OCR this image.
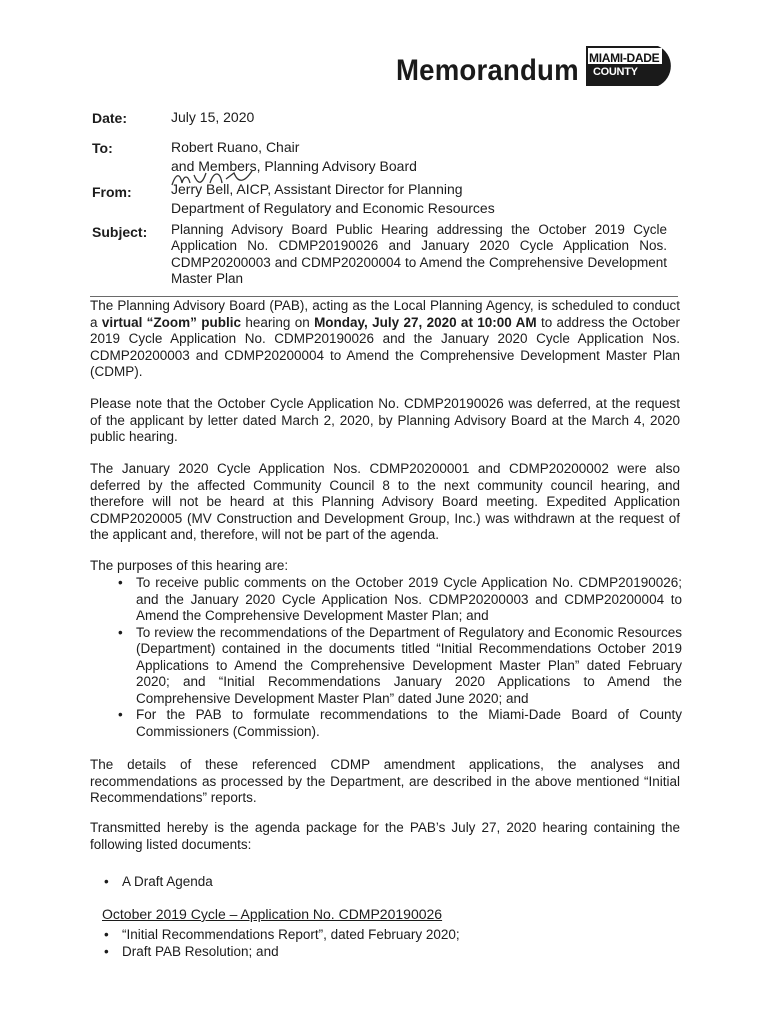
Memorandum MIAMI-DADE
COUNTY
Date:	July 15, 2020
To:	Robert Ruano, Chair
and Members, Planning Advisory Board
From:	Jerry Bell, AICP, Assistant Director for Planning
Department of Regulatory and Economic Resources
Subject: Planning Advisory Board Public Hearing addressing the October 2019 Cycle Application No. CDMP20190026 and January 2020 Cycle Application Nos. CDMP20200003 and CDMP20200004 to Amend the Comprehensive Development Master Plan

The Planning Advisory Board (PAB), acting as the Local Planning Agency, is scheduled to conduct a virtual “Zoom” public hearing on Monday, July 27, 2020 at 10:00 AM to address the October 2019 Cycle Application No. CDMP20190026 and the January 2020 Cycle Application Nos. CDMP20200003 and CDMP20200004 to Amend the Comprehensive Development Master Plan (CDMP).

Please note that the October Cycle Application No. CDMP20190026 was deferred, at the request of the applicant by letter dated March 2, 2020, by Planning Advisory Board at the March 4, 2020 public hearing.

The January 2020 Cycle Application Nos. CDMP20200001 and CDMP20200002 were also deferred by the affected Community Council 8 to the next community council hearing, and therefore will not be heard at this Planning Advisory Board meeting. Expedited Application CDMP2020005 (MV Construction and Development Group, Inc.) was withdrawn at the request of the applicant and, therefore, will not be part of the agenda.

The purposes of this hearing are:

• To receive public comments on the October 2019 Cycle Application No. CDMP20190026; and the January 2020 Cycle Application Nos. CDMP20200003 and CDMP20200004 to Amend the Comprehensive Development Master Plan; and
• To review the recommendations of the Department of Regulatory and Economic Resources (Department) contained in the documents titled “Initial Recommendations October 2019 Applications to Amend the Comprehensive Development Master Plan” dated February 2020; and “Initial Recommendations January 2020 Applications to Amend the Comprehensive Development Master Plan” dated June 2020; and
• For the PAB to formulate recommendations to the Miami-Dade Board of County Commissioners (Commission).

The details of these referenced CDMP amendment applications, the analyses and recommendations as processed by the Department, are described in the above mentioned “Initial Recommendations” reports.

Transmitted hereby is the agenda package for the PAB’s July 27, 2020 hearing containing the following listed documents:

• A Draft Agenda
October 2019 Cycle – Application No. CDMP20190026
• “Initial Recommendations Report”, dated February 2020;
• Draft PAB Resolution; and
